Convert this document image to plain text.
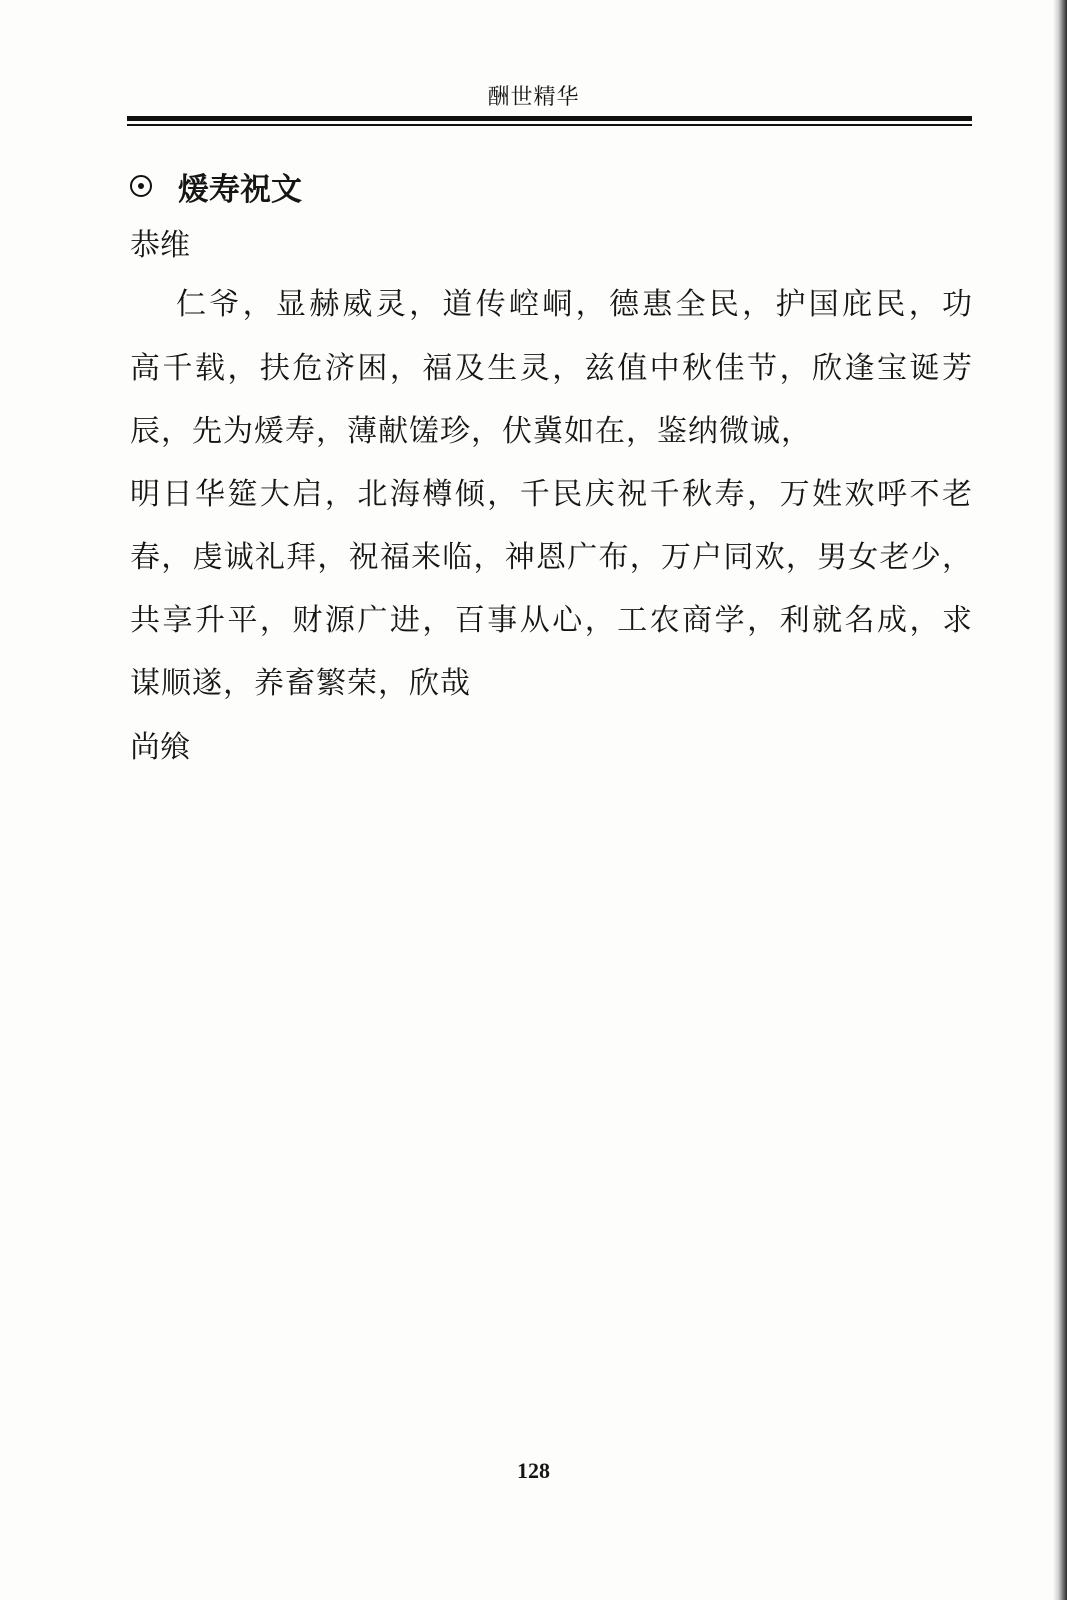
酬世精华
煖寿祝文
恭维
仁爷，显赫威灵，道传崆峒，德惠全民，护国庇民，功
高千载，扶危济困，福及生灵，兹值中秋佳节，欣逢宝诞芳
辰，先为煖寿，薄献馐珍，伏冀如在，鉴纳微诚，
明日华筵大启，北海樽倾，千民庆祝千秋寿，万姓欢呼不老
春，虔诚礼拜，祝福来临，神恩广布，万户同欢，男女老少，
共享升平，财源广进，百事从心，工农商学，利就名成，求
谋顺遂，养畜繁荣，欣哉
尚飨
128
